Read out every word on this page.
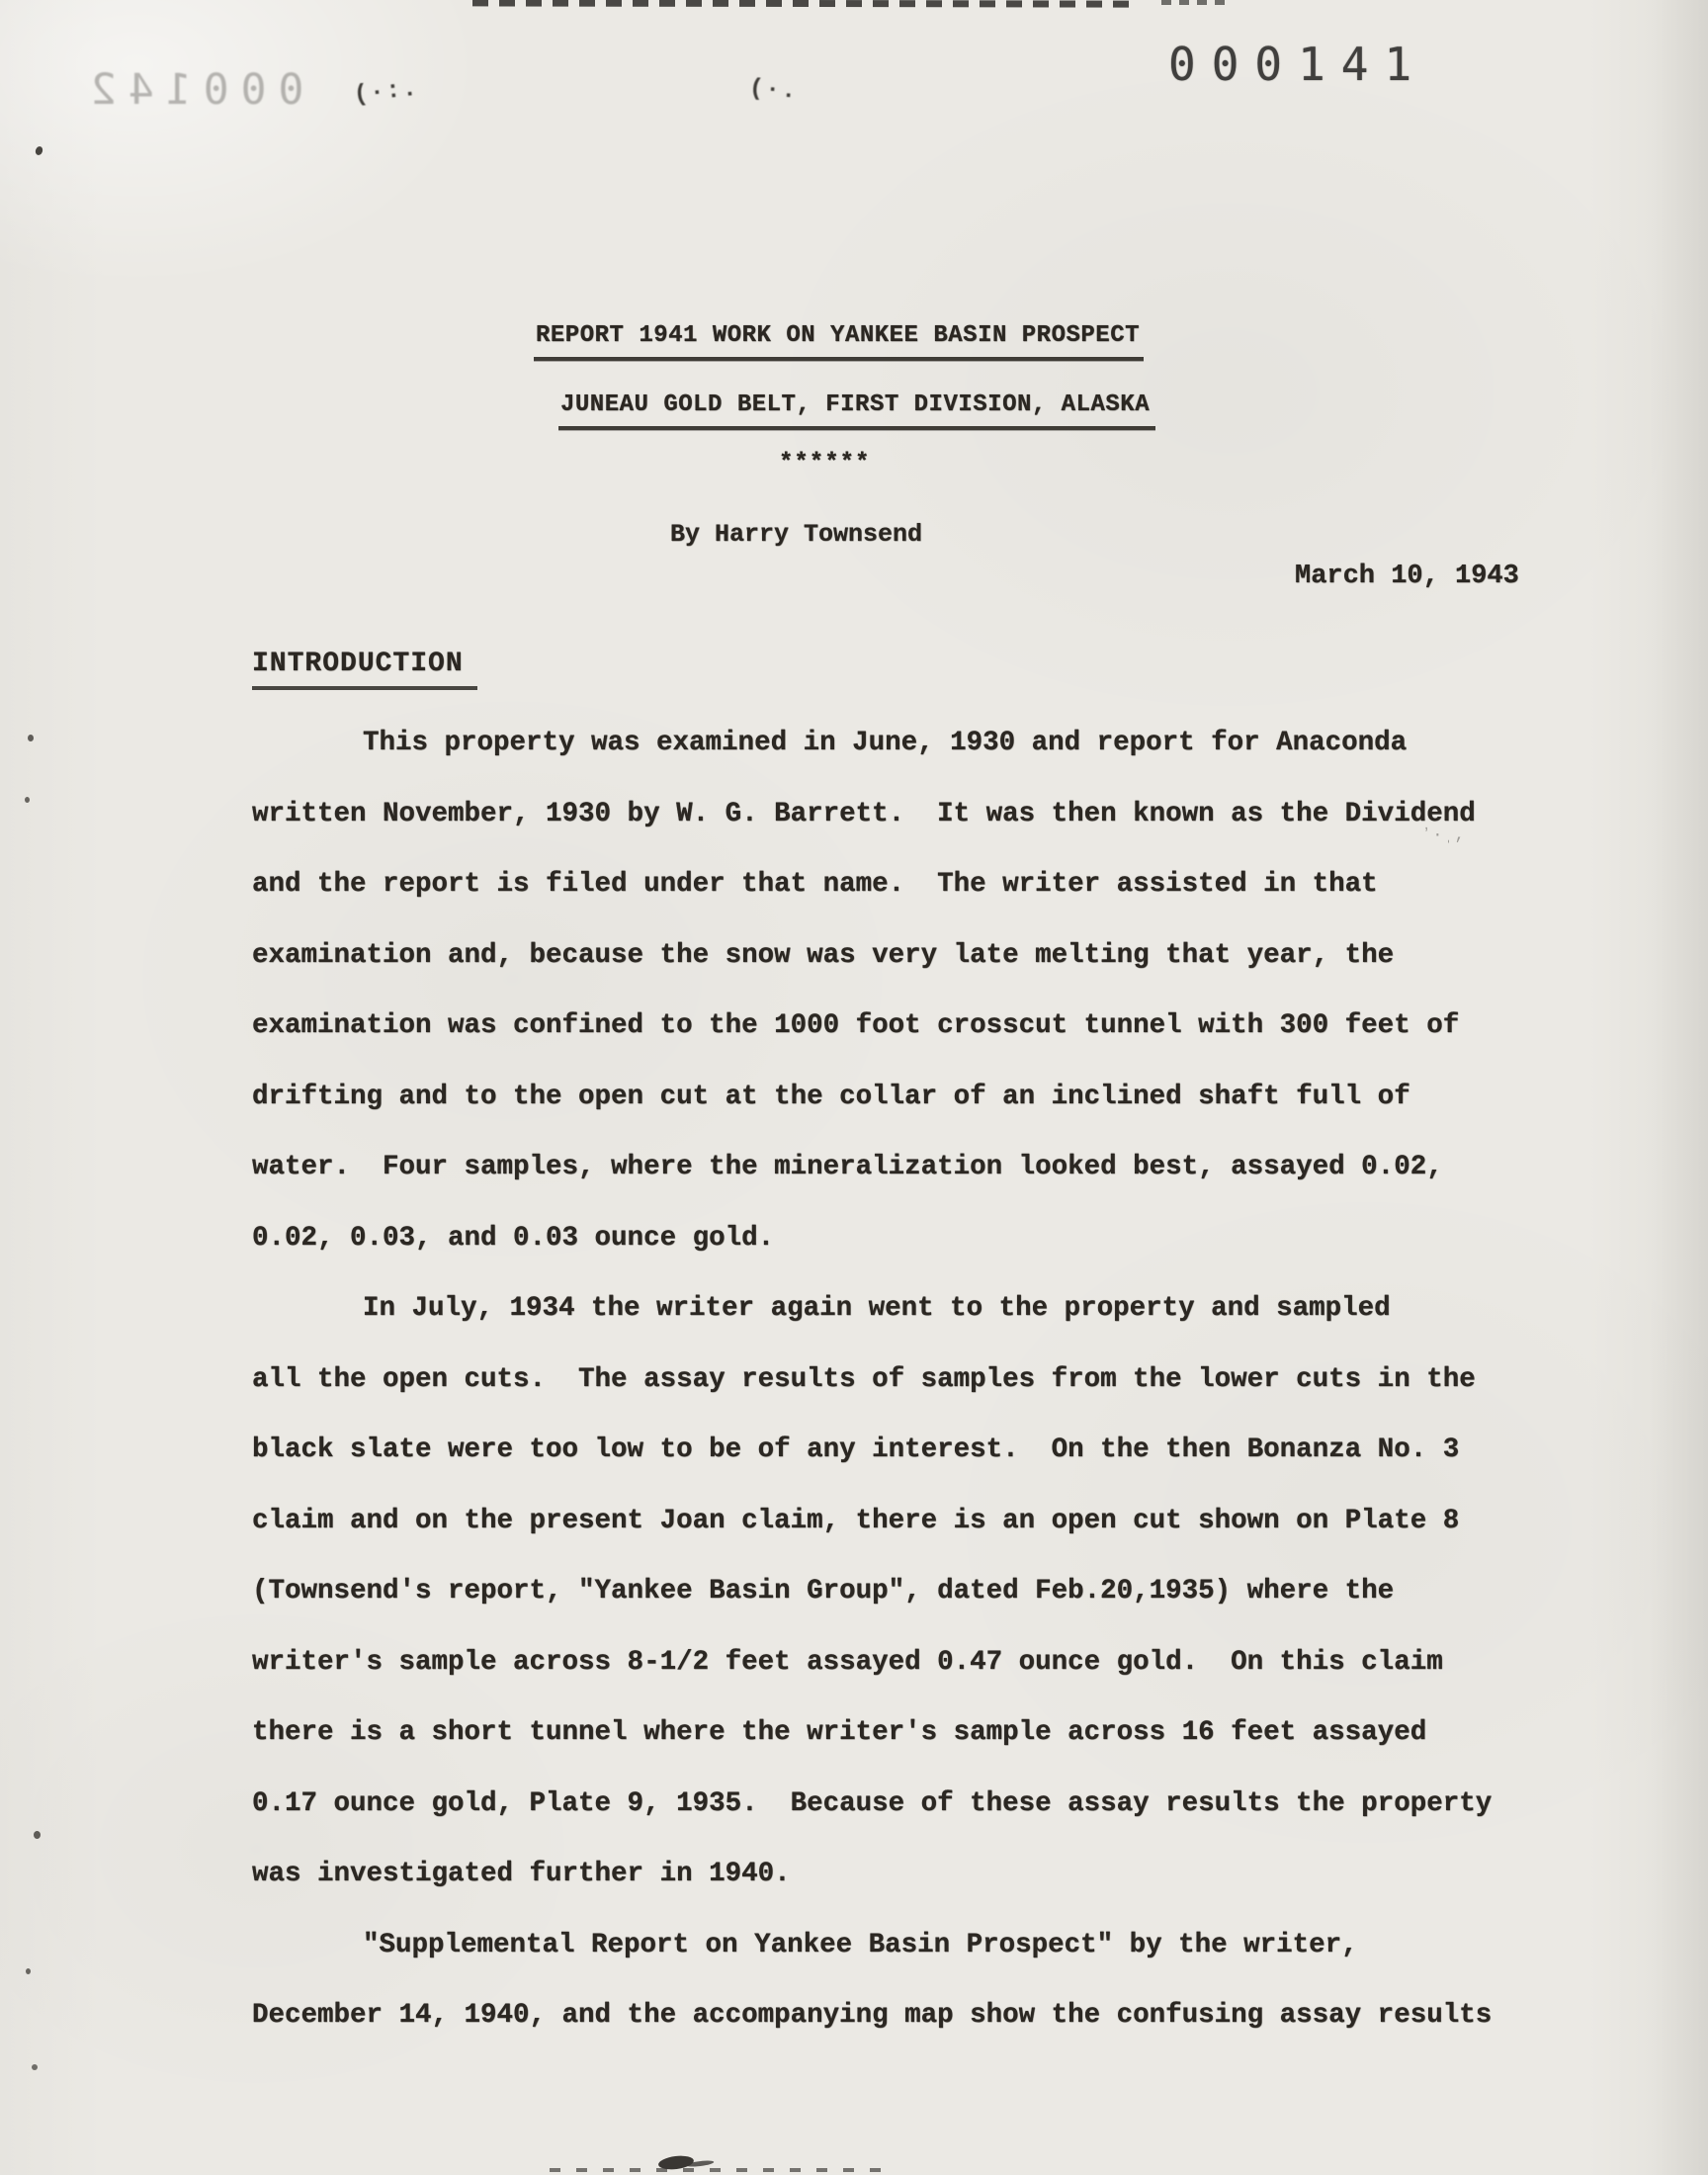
(·:.	(·.
ʼ·ˌ,
000141
000142
REPORT 1941 WORK ON YANKEE BASIN PROSPECT
JUNEAU GOLD BELT, FIRST DIVISION, ALASKA
******
By Harry Townsend
March 10, 1943
INTRODUCTION
This property was examined in June, 1930 and report for Anaconda
written November, 1930 by W. G. Barrett.  It was then known as the Dividend
and the report is filed under that name.  The writer assisted in that
examination and, because the snow was very late melting that year, the
examination was confined to the 1000 foot crosscut tunnel with 300 feet of
drifting and to the open cut at the collar of an inclined shaft full of
water.  Four samples, where the mineralization looked best, assayed 0.02,
0.02, 0.03, and 0.03 ounce gold.
In July, 1934 the writer again went to the property and sampled
all the open cuts.  The assay results of samples from the lower cuts in the
black slate were too low to be of any interest.  On the then Bonanza No. 3
claim and on the present Joan claim, there is an open cut shown on Plate 8
(Townsend's report, "Yankee Basin Group", dated Feb.20,1935) where the
writer's sample across 8-1/2 feet assayed 0.47 ounce gold.  On this claim
there is a short tunnel where the writer's sample across 16 feet assayed
0.17 ounce gold, Plate 9, 1935.  Because of these assay results the property
was investigated further in 1940.
"Supplemental Report on Yankee Basin Prospect" by the writer,
December 14, 1940, and the accompanying map show the confusing assay results
